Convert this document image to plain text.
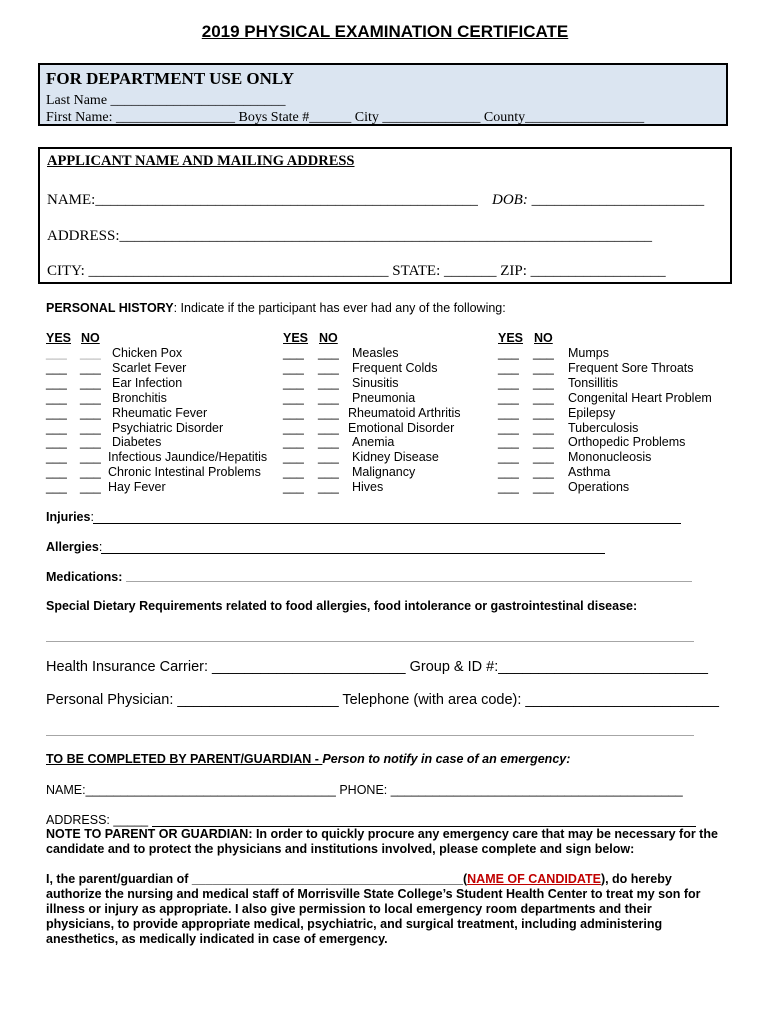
2019 PHYSICAL EXAMINATION CERTIFICATE
FOR DEPARTMENT USE ONLY
Last Name _________________________
First Name: _________________ Boys State #______ City ______________ County_________________
APPLICANT NAME AND MAILING ADDRESS
NAME:___________________________________________________ DOB: _______________________
ADDRESS:_______________________________________________________________________
CITY: ________________________________________ STATE: _______ ZIP: __________________
PERSONAL HISTORY: Indicate if the participant has ever had any of the following:
YES NO
___ ___ Chicken Pox
___ ___ Scarlet Fever
___ ___ Ear Infection
___ ___ Bronchitis
___ ___ Rheumatic Fever
___ ___ Psychiatric Disorder
___ ___ Diabetes
___ ___ Infectious Jaundice/Hepatitis
___ ___ Chronic Intestinal Problems
___ ___ Hay Fever
YES NO
___ ___ Measles
___ ___ Frequent Colds
___ ___ Sinusitis
___ ___ Pneumonia
___ ___ Rheumatoid Arthritis
___ ___ Emotional Disorder
___ ___ Anemia
___ ___ Kidney Disease
___ ___ Malignancy
___ ___ Hives
YES NO
___ ___ Mumps
___ ___ Frequent Sore Throats
___ ___ Tonsillitis
___ ___ Congenital Heart Problem
___ ___ Epilepsy
___ ___ Tuberculosis
___ ___ Orthopedic Problems
___ ___ Mononucleosis
___ ___ Asthma
___ ___ Operations
Injuries:
Allergies:
Medications:
Special Dietary Requirements related to food allergies, food intolerance or gastrointestinal disease:
Health Insurance Carrier: ________________________ Group & ID #:__________________________
Personal Physician: ____________________ Telephone (with area code): ________________________
TO BE COMPLETED BY PARENT/GUARDIAN - Person to notify in case of an emergency:
NAME:____________________________________ PHONE: __________________________________________
ADDRESS: _____
NOTE TO PARENT OR GUARDIAN: In order to quickly procure any emergency care that may be necessary for the candidate and to protect the physicians and institutions involved, please complete and sign below:
I, the parent/guardian of _______________________________________(NAME OF CANDIDATE), do hereby authorize the nursing and medical staff of Morrisville State College’s Student Health Center to treat my son for illness or injury as appropriate. I also give permission to local emergency room departments and their physicians, to provide appropriate medical, psychiatric, and surgical treatment, including administering anesthetics, as medically indicated in case of emergency.
